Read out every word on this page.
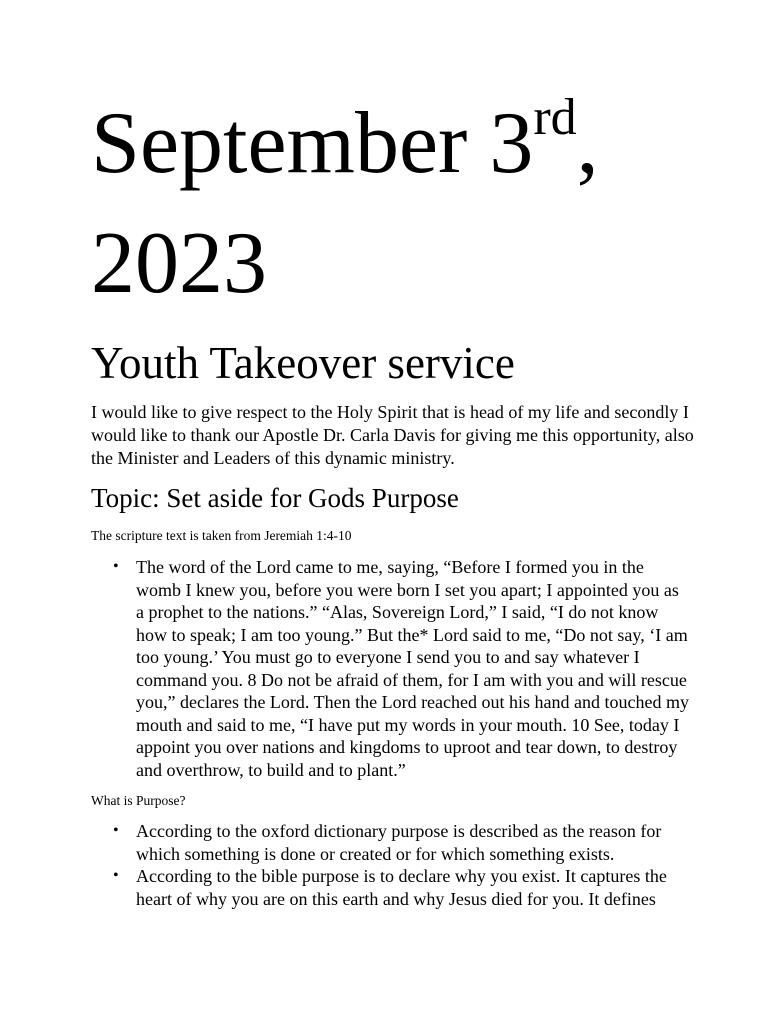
September 3rd,
2023
Youth Takeover service

I would like to give respect to the Holy Spirit that is head of my life and secondly I would like to thank our Apostle Dr. Carla Davis for giving me this opportunity, also the Minister and Leaders of this dynamic ministry.

Topic: Set aside for Gods Purpose

The scripture text is taken from Jeremiah 1:4-10

• The word of the Lord came to me, saying, “Before I formed you in the womb I knew you, before you were born I set you apart; I appointed you as a prophet to the nations.” “Alas, Sovereign Lord,” I said, “I do not know how to speak; I am too young.” But the* Lord said to me, “Do not say, ‘I am too young.’ You must go to everyone I send you to and say whatever I command you. 8 Do not be afraid of them, for I am with you and will rescue you,” declares the Lord. Then the Lord reached out his hand and touched my mouth and said to me, “I have put my words in your mouth. 10 See, today I appoint you over nations and kingdoms to uproot and tear down, to destroy and overthrow, to build and to plant.”

What is Purpose?

• According to the oxford dictionary purpose is described as the reason for which something is done or created or for which something exists.
• According to the bible purpose is to declare why you exist. It captures the heart of why you are on this earth and why Jesus died for you. It defines
